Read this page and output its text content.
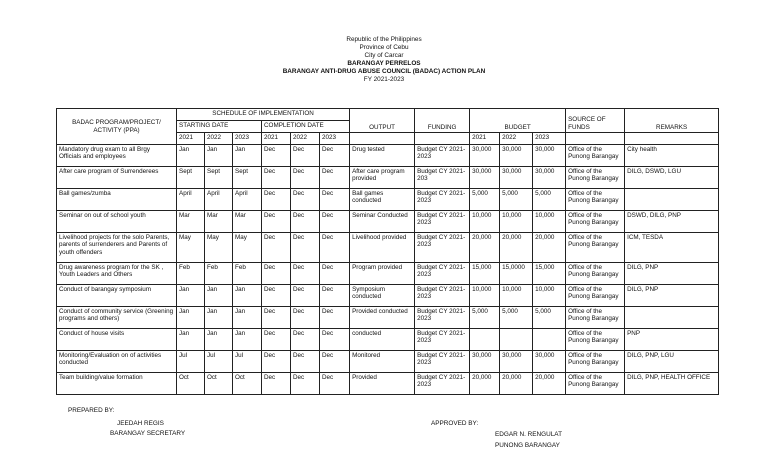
Republic of the Philippines
Province of Cebu
City of Carcar
BARANGAY PERRELOS
BARANGAY ANTI-DRUG ABUSE COUNCIL (BADAC) ACTION PLAN
FY 2021-2023
BADAC PROGRAM/PROJECT/ ACTIVITY (PPA)	SCHEDULE OF IMPLEMENTATION						OUTPUT	FUNDING	BUDGET			SOURCE OF FUNDS	REMARKS
	STARTING DATE			COMPLETION DATE									
	2021	2022	2023	2021	2022	2023			2021	2022	2023		
Mandatory drug exam to all Brgy Officials and employees	Jan	Jan	Jan	Dec	Dec	Dec	Drug tested	Budget CY 2021-2023	30,000	30,000	30,000	Office of the Punong Barangay	City health
After care program of Surrenderees	Sept	Sept	Sept	Dec	Dec	Dec	After care program provided	Budget CY 2021-203	30,000	30,000	30,000	Office of the Punong Barangay	DILG, DSWD, LGU
Ball games/zumba	April	April	April	Dec	Dec	Dec	Ball games conducted	Budget CY 2021-2023	5,000	5,000	5,000	Office of the Punong Barangay	
Seminar on out of school youth	Mar	Mar	Mar	Dec	Dec	Dec	Seminar Conducted	Budget CY 2021-2023	10,000	10,000	10,000	Office of the Punong Barangay	DSWD, DILG, PNP
Livelihood projects for the solo Parents, parents of surrenderers and Parents of youth offenders	May	May	May	Dec	Dec	Dec	Livelihood provided	Budget CY 2021-2023	20,000	20,000	20,000	Office of the Punong Barangay	ICM, TESDA
Drug awareness program for the SK , Youth Leaders and Others	Feb	Feb	Feb	Dec	Dec	Dec	Program provided	Budget CY 2021-2023	15,000	15,0000	15,000	Office of the Punong Barangay	DILG, PNP
Conduct of barangay symposium	Jan	Jan	Jan	Dec	Dec	Dec	Symposium conducted	Budget CY 2021-2023	10,000	10,000	10,000	Office of the Punong Barangay	DILG, PNP
Conduct of community service (Greening programs and others)	Jan	Jan	Jan	Dec	Dec	Dec	Provided conducted	Budget CY 2021-2023	5,000	5,000	5,000	Office of the Punong Barangay	
Conduct of house visits	Jan	Jan	Jan	Dec	Dec	Dec	conducted	Budget CY 2021-2023				Office of the Punong Barangay	PNP
Monitoring/Evaluation on of activities conducted	Jul	Jul	Jul	Dec	Dec	Dec	Monitored	Budget CY 2021-2023	30,000	30,000	30,000	Office of the Punong Barangay	DILG, PNP, LGU
Team building/value formation	Oct	Oct	Oct	Dec	Dec	Dec	Provided	Budget CY 2021-2023	20,000	20,000	20,000	Office of the Punong Barangay	DILG, PNP, HEALTH OFFICE
PREPARED BY:
JEEDAH REGIS
BARANGAY SECRETARY
APPROVED BY:
EDGAR N. RENGULAT
PUNONG BARANGAY
